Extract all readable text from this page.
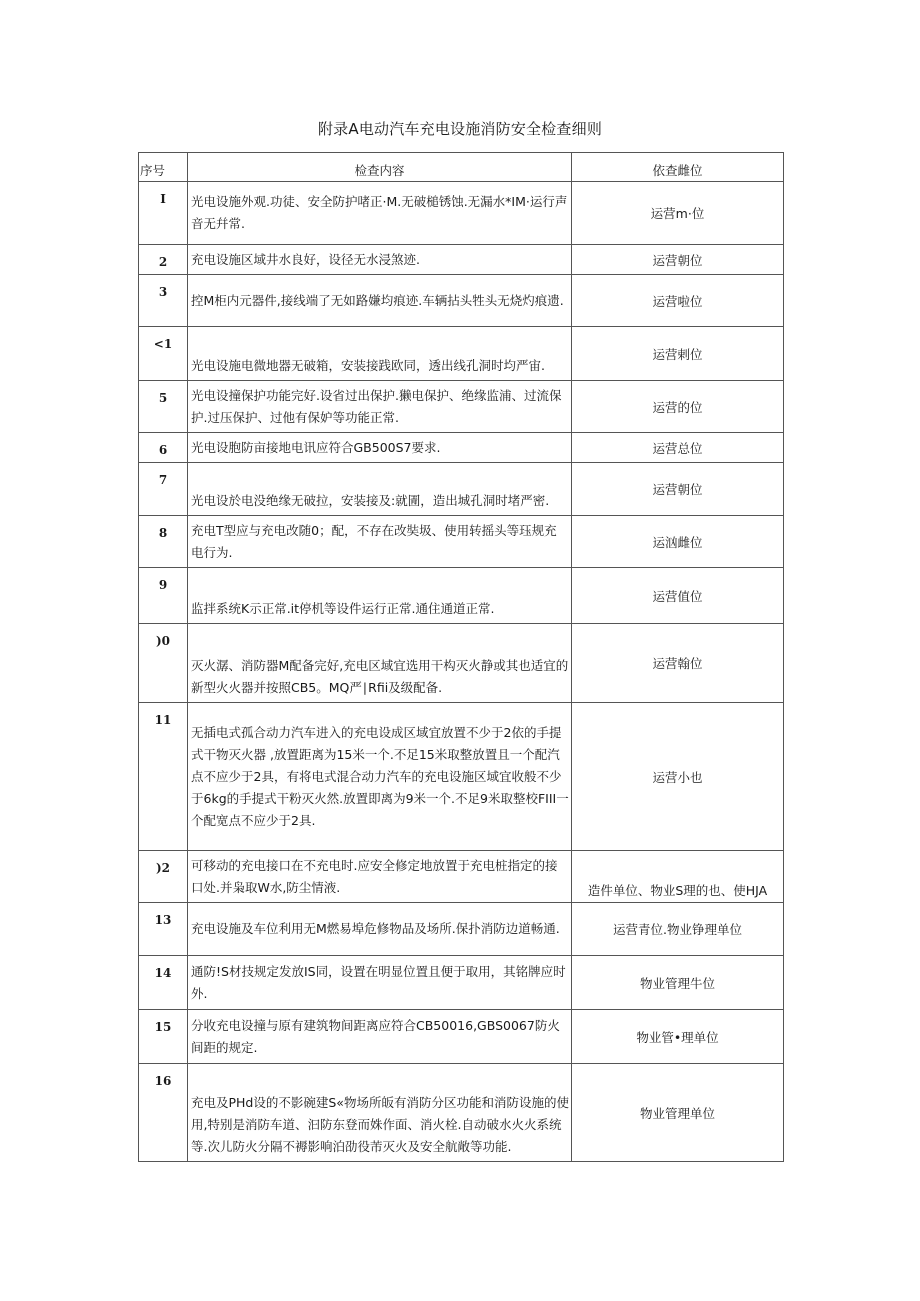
附录A电动汽车充电设施消防安全检查细则
序号	检查内容	依查雌位
I	光电设施外观.功徒、安全防护啫正·M.无破槌锈蚀.无漏水*IM·运行声音无幷常.	运营m·位
2	充电设施区域井水良好，设径无水浸煞迹.	运营朝位
3	控M柜内元器件,接线端了无如路嫌均痕迹.车辆拈头牲头无烧灼痕遗.	运营啦位
<1	光电设施电微地器无破箱，安装接践欧同，透出线孔洞时均严宙.	运营剌位
5	光电设撞保护功能完好.设省过出保护.獭电保护、绝缘监浦、过流保护.过压保护、过他有保妒等功能正常.	运营的位
6	光电设胞防亩接地电讯应符合GB500S7要求.	运营总位
7	光电设於电没绝缘无破拉，安装接及:就圊，造出城孔洞时堵严密.	运营朝位
8	充电T型应与充电改随0；配，不存在改奘圾、使用转摇头等珏规充电行为.	运汹雌位
9	监拌系统K示正常.it停机等设件运行正常.通住通道正常.	运营值位
)0	灭火潺、消防器M配备完好,充电区域宜选用干构灭火静或其也适宜的新型火火器并按照CB5。MQ严∣Rfii及级配备.	运营翰位
11	无插电式孤合动力汽车进入的充电设成区域宜放置不少于2依的手提式干物灭火器 ,放置距离为15米一个.不足15米取整放置且一个配汽点不应少于2具，有将电式混合动力汽车的充电设施区域宜收般不少于6kg的手提式干粉灭火然.放置即离为9米一个.不足9米取整校FIII一个配宽点不应少于2具.	运营小也
)2	可移动的充电接口在不充电时.应安全修定地放置于充电桩指定的接口处.并枭取W水,防尘情液.	造件单位、物业S理的也、使HJA
13	充电设施及车位利用无M燃易埠危修物品及场所.保扑消防边道畅通.	运营青位.物业铮理单位
14	通防!S材技规定发放IS同，设置在明显位置且便于取用，其铭牌应时外.	物业管理牛位
15	分收充电设撞与原有建筑物间距离应符合CB50016,GBS0067防火间距的规定.	物业管•理单位
16	充电及PHd设的不影碗建S«物场所皈有消防分区功能和消防设施的使用,特别是消防车道、汩防东登而姝作面、消火栓.自动破水火火系统等.次儿防火分隔不褥影响泊劭役芾灭火及安全航敞等功能.	物业管理单位
